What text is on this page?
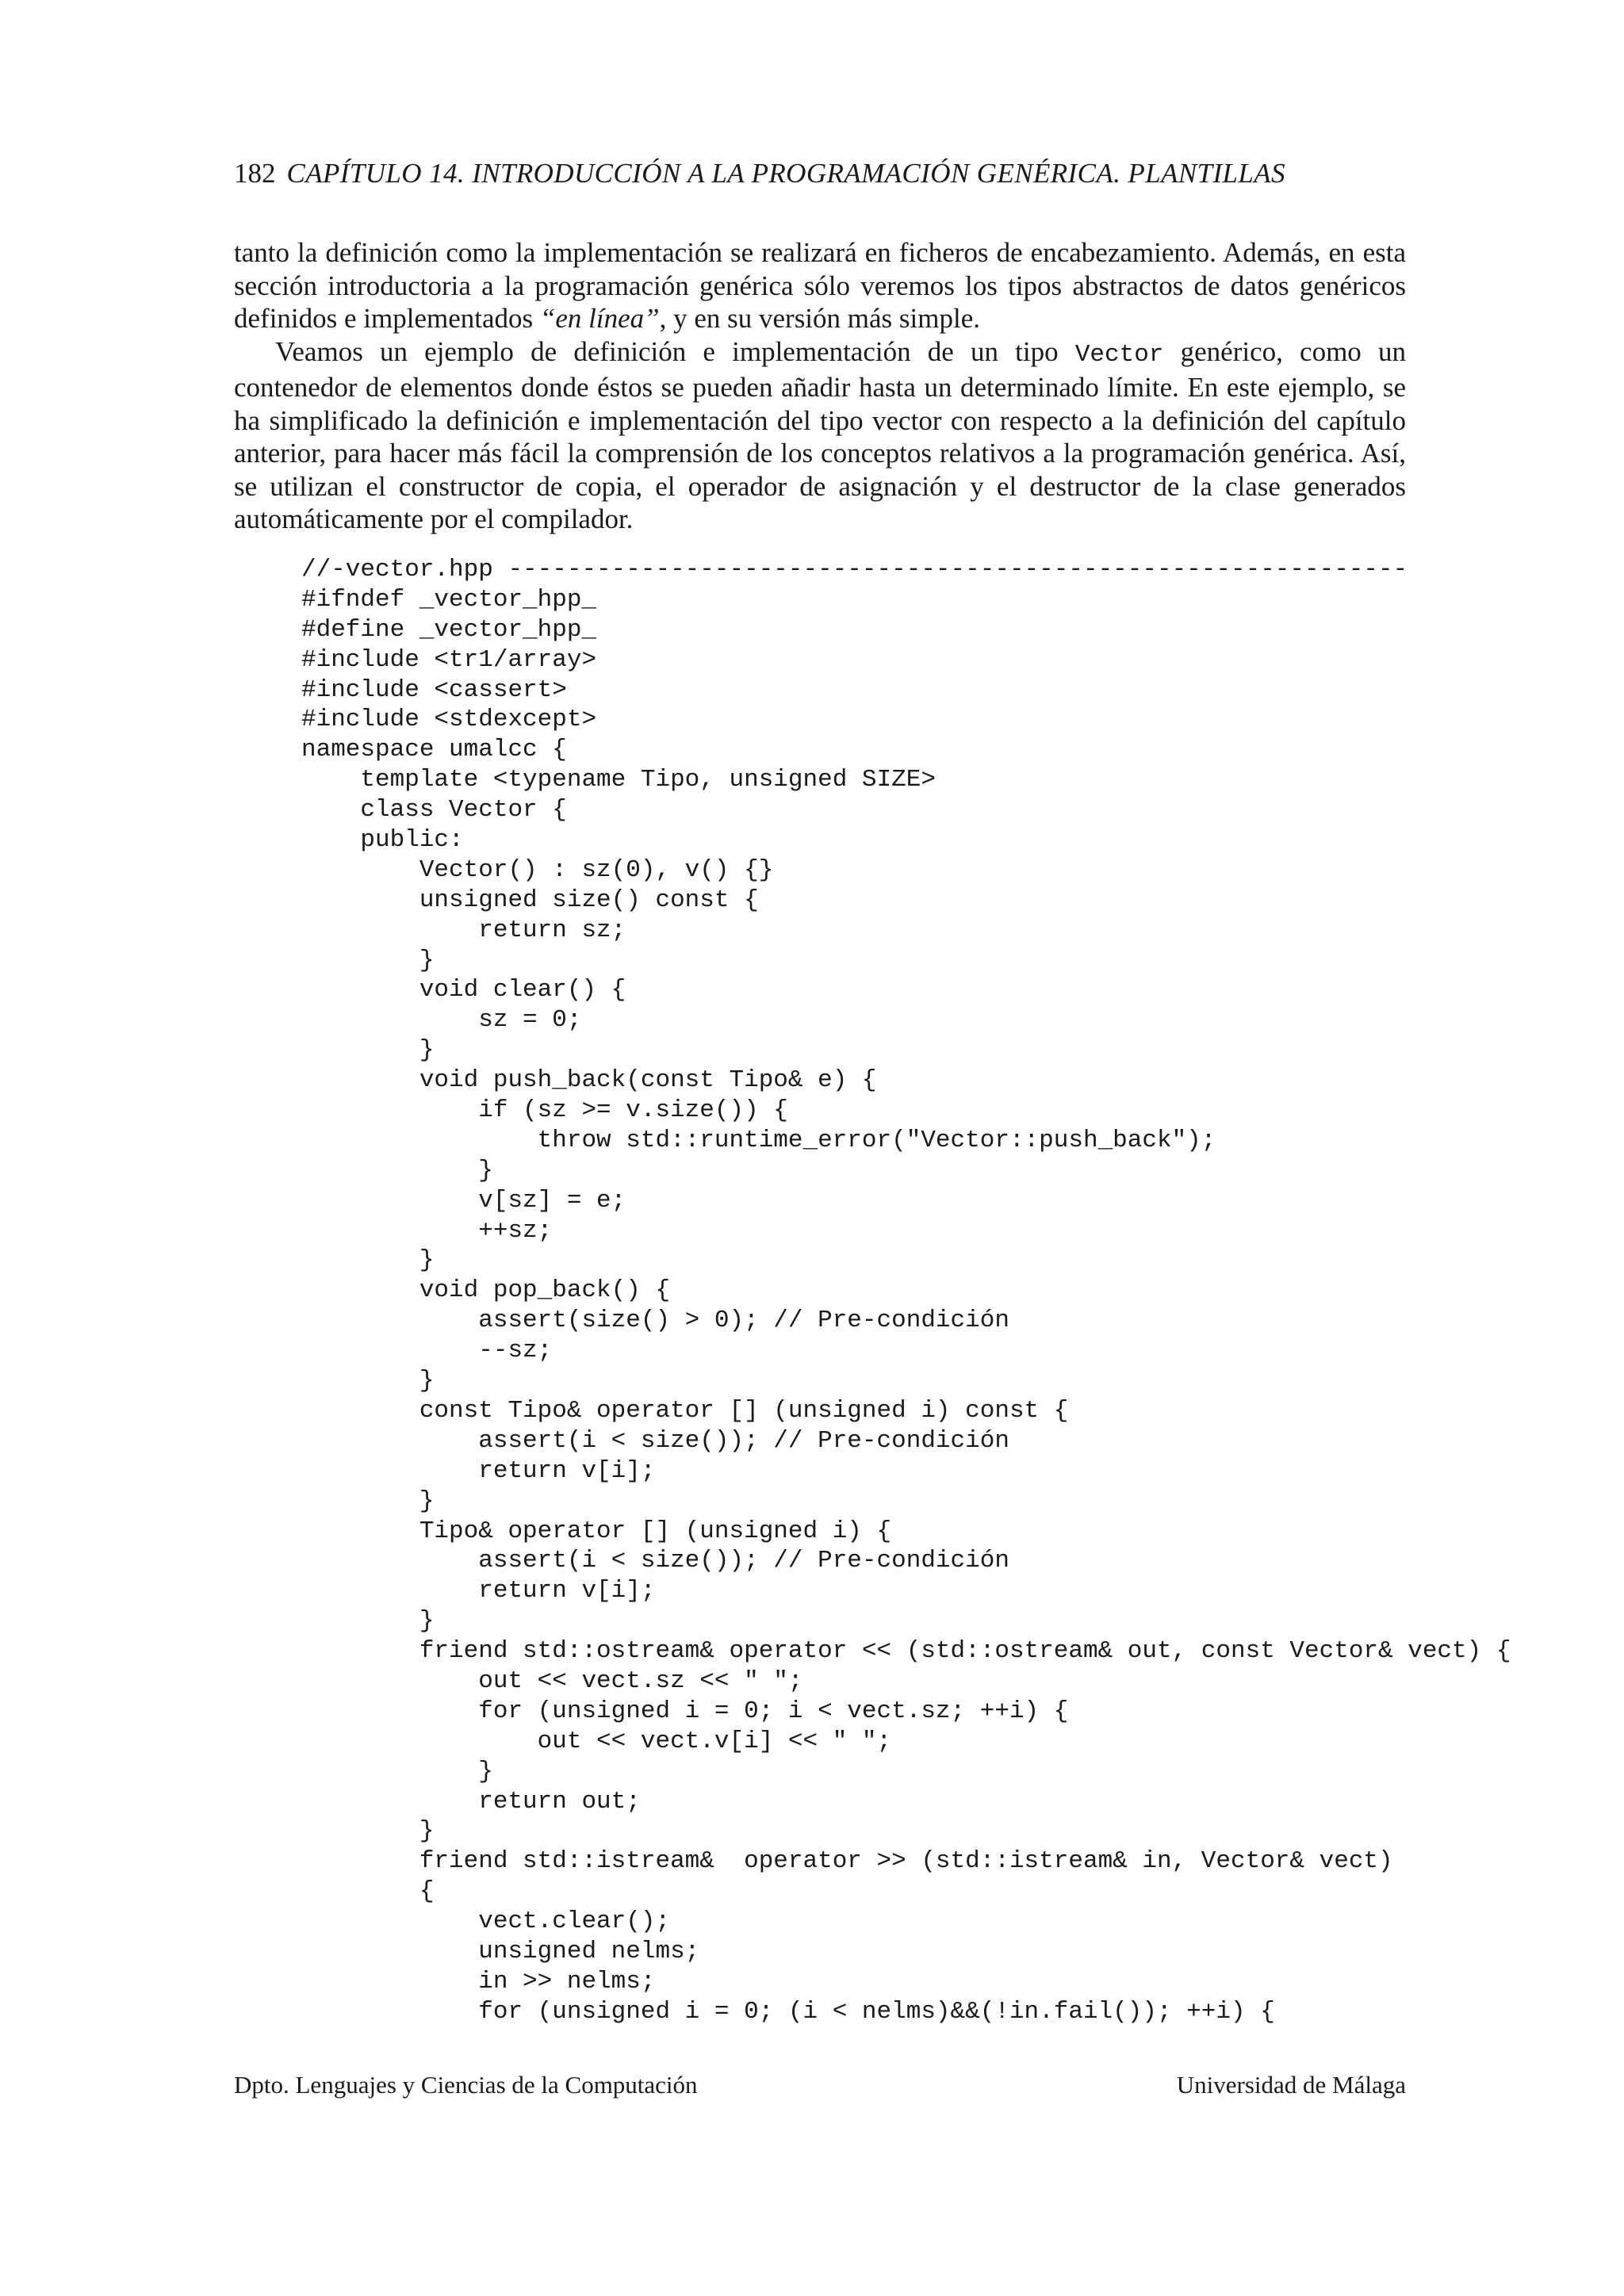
182 CAPÍTULO 14. INTRODUCCIÓN A LA PROGRAMACIÓN GENÉRICA. PLANTILLAS

tanto la definición como la implementación se realizará en ficheros de encabezamiento. Además, en esta sección introductoria a la programación genérica sólo veremos los tipos abstractos de datos genéricos definidos e implementados “en línea”, y en su versión más simple.

Veamos un ejemplo de definición e implementación de un tipo Vector genérico, como un contenedor de elementos donde éstos se pueden añadir hasta un determinado límite. En este ejemplo, se ha simplificado la definición e implementación del tipo vector con respecto a la definición del capítulo anterior, para hacer más fácil la comprensión de los conceptos relativos a la programación genérica. Así, se utilizan el constructor de copia, el operador de asignación y el destructor de la clase generados automáticamente por el compilador.

//-vector.hpp -------------------------------------------------------------
#ifndef _vector_hpp_
#define _vector_hpp_
#include <tr1/array>
#include <cassert>
#include <stdexcept>
namespace umalcc {
template <typename Tipo, unsigned SIZE>
class Vector {
public:
Vector() : sz(0), v() {}
unsigned size() const {
return sz;
}
void clear() {
sz = 0;
}
void push_back(const Tipo& e) {
if (sz >= v.size()) {
throw std::runtime_error("Vector::push_back");
}
v[sz] = e;
++sz;
}
void pop_back() {
assert(size() > 0); // Pre-condición
--sz;
}
const Tipo& operator [] (unsigned i) const {
assert(i < size()); // Pre-condición
return v[i];
}
Tipo& operator [] (unsigned i) {
assert(i < size()); // Pre-condición
return v[i];
}
friend std::ostream& operator << (std::ostream& out, const Vector& vect) {
out << vect.sz << " ";
for (unsigned i = 0; i < vect.sz; ++i) {
out << vect.v[i] << " ";
}
return out;
}
friend std::istream&  operator >> (std::istream& in, Vector& vect)
{
vect.clear();
unsigned nelms;
in >> nelms;
for (unsigned i = 0; (i < nelms)&&(!in.fail()); ++i) {
Dpto. Lenguajes y Ciencias de la Computación	Universidad de Málaga
